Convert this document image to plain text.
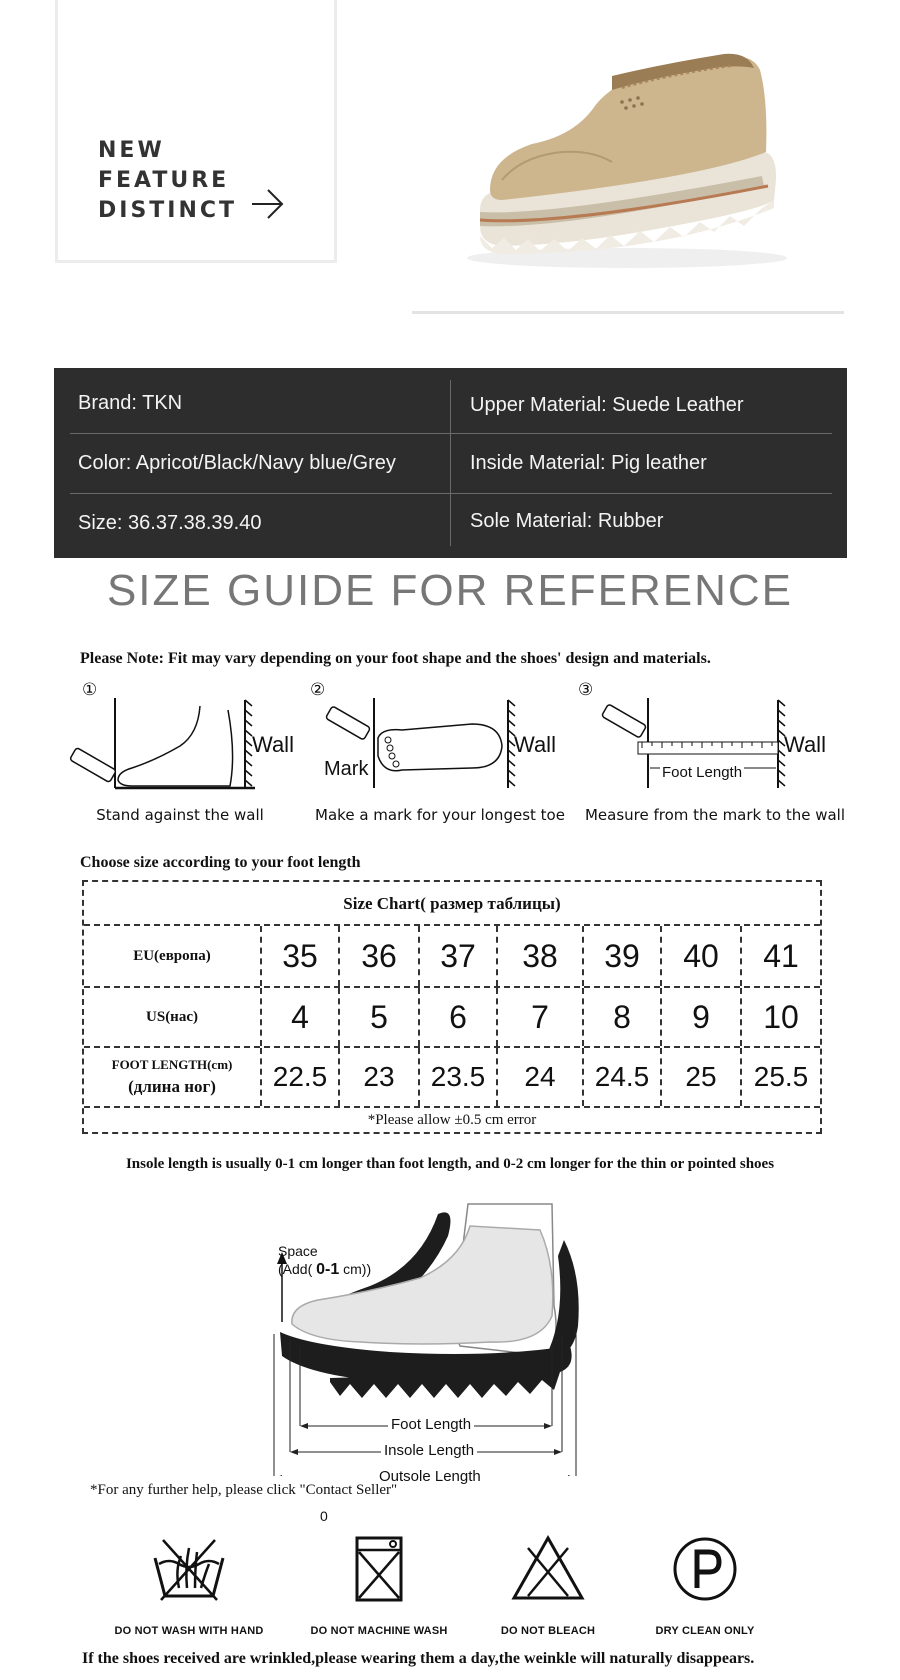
NEW
FEATURE
DISTINCT
Brand: TKN	Upper Material: Suede Leather
Color: Apricot/Black/Navy blue/Grey	Inside Material: Pig leather
Size: 36.37.38.39.40	Sole Material: Rubber
SIZE GUIDE FOR REFERENCE
Please Note: Fit may vary depending on your foot shape and the shoes' design and materials.
①
Wall
Stand against the wall
②
Wall
Mark
Make a mark for your longest toe
③
Foot Length
Wall
Measure from the mark to the wall
Choose size according to your foot length
Size Chart( размер таблицы)
EU(европа)	35	36	37	38	39	40	41
US(нас)	4	5	6	7	8	9	10
FOOT LENGTH(cm)
(длина ног)	22.5	23	23.5	24	24.5	25	25.5
*Please allow ±0.5 cm error
Insole length is usually 0-1 cm longer than foot length, and 0-2 cm longer for the thin or pointed shoes
Space
(Add( 0-1 cm))
Foot Length
Insole Length
Outsole Length
*For any further help, please click "Contact Seller"
0
DO NOT WASH WITH HAND	DO NOT MACHINE WASH	DO NOT BLEACH	DRY CLEAN ONLY
If the shoes received are wrinkled,please wearing them a day,the weinkle will naturally disappears.
